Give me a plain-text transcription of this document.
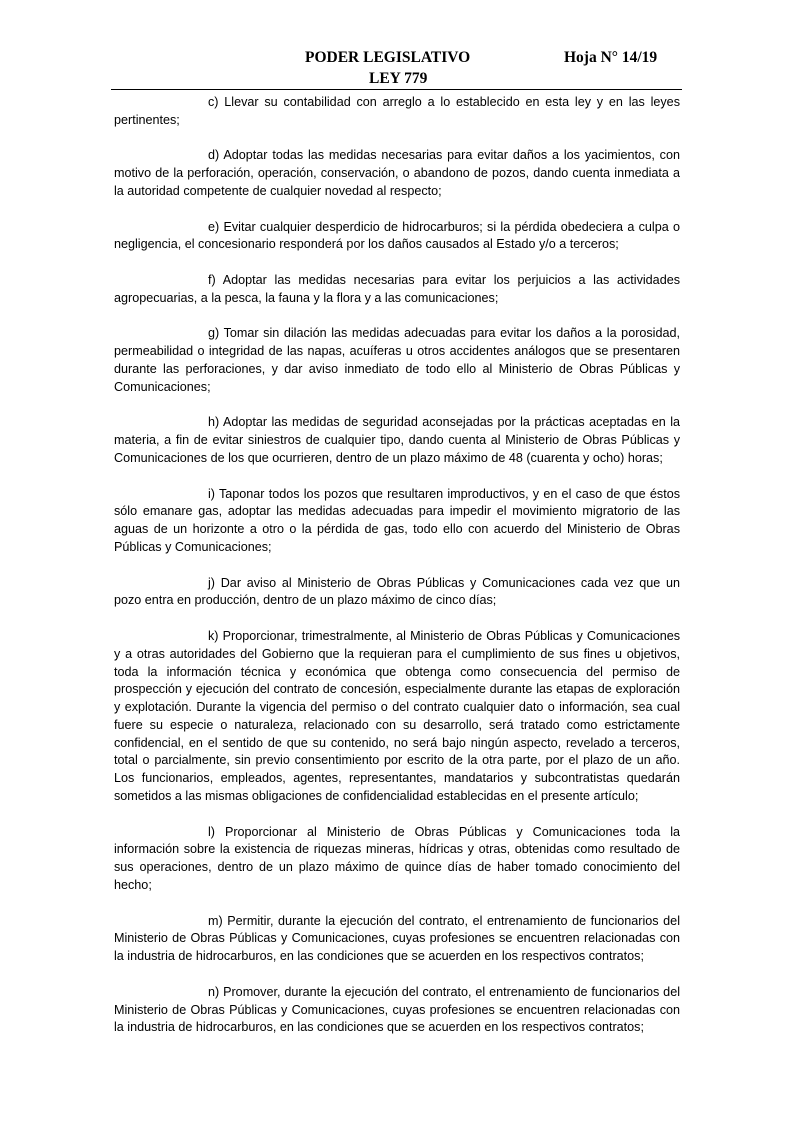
PODER LEGISLATIVO	Hoja N° 14/19
LEY 779

c) Llevar su contabilidad con arreglo a lo establecido en esta ley y en las leyes pertinentes;

d) Adoptar todas las medidas necesarias para evitar daños a los yacimientos, con motivo de la perforación, operación, conservación, o abandono de pozos, dando cuenta inmediata a la autoridad competente de cualquier novedad al respecto;

e) Evitar cualquier desperdicio de hidrocarburos; si la pérdida obedeciera a culpa o negligencia, el concesionario responderá por los daños causados al Estado y/o a terceros;

f) Adoptar las medidas necesarias para evitar los perjuicios a las actividades agropecuarias, a la pesca, la fauna y la flora y a las comunicaciones;

g) Tomar sin dilación las medidas adecuadas para evitar los daños a la porosidad, permeabilidad o integridad de las napas, acuíferas u otros accidentes análogos que se presentaren durante las perforaciones, y dar aviso inmediato de todo ello al Ministerio de Obras Públicas y Comunicaciones;

h) Adoptar las medidas de seguridad aconsejadas por la prácticas aceptadas en la materia, a fin de evitar siniestros de cualquier tipo, dando cuenta al Ministerio de Obras Públicas y Comunicaciones de los que ocurrieren, dentro de un plazo máximo de 48 (cuarenta y ocho) horas;

i) Taponar todos los pozos que resultaren improductivos, y en el caso de que éstos sólo emanare gas, adoptar las medidas adecuadas para impedir el movimiento migratorio de las aguas de un horizonte a otro o la pérdida de gas, todo ello con acuerdo del Ministerio de Obras Públicas y Comunicaciones;

j) Dar aviso al Ministerio de Obras Públicas y Comunicaciones cada vez que un pozo entra en producción, dentro de un plazo máximo de cinco días;

k) Proporcionar, trimestralmente, al Ministerio de Obras Públicas y Comunicaciones y a otras autoridades del Gobierno que la requieran para el cumplimiento de sus fines u objetivos, toda la información técnica y económica que obtenga como consecuencia del permiso de prospección y ejecución del contrato de concesión, especialmente durante las etapas de exploración y explotación. Durante la vigencia del permiso o del contrato cualquier dato o información, sea cual fuere su especie o naturaleza, relacionado con su desarrollo, será tratado como estrictamente confidencial, en el sentido de que su contenido, no será bajo ningún aspecto, revelado a terceros, total o parcialmente, sin previo consentimiento por escrito de la otra parte, por el plazo de un año. Los funcionarios, empleados, agentes, representantes, mandatarios y subcontratistas quedarán sometidos a las mismas obligaciones de confidencialidad establecidas en el presente artículo;

l) Proporcionar al Ministerio de Obras Públicas y Comunicaciones toda la información sobre la existencia de riquezas mineras, hídricas y otras, obtenidas como resultado de sus operaciones, dentro de un plazo máximo de quince días de haber tomado conocimiento del hecho;

m) Permitir, durante la ejecución del contrato, el entrenamiento de funcionarios del Ministerio de Obras Públicas y Comunicaciones, cuyas profesiones se encuentren relacionadas con la industria de hidrocarburos, en las condiciones que se acuerden en los respectivos contratos;

n) Promover, durante la ejecución del contrato, el entrenamiento de funcionarios del Ministerio de Obras Públicas y Comunicaciones, cuyas profesiones se encuentren relacionadas con la industria de hidrocarburos, en las condiciones que se acuerden en los respectivos contratos;
